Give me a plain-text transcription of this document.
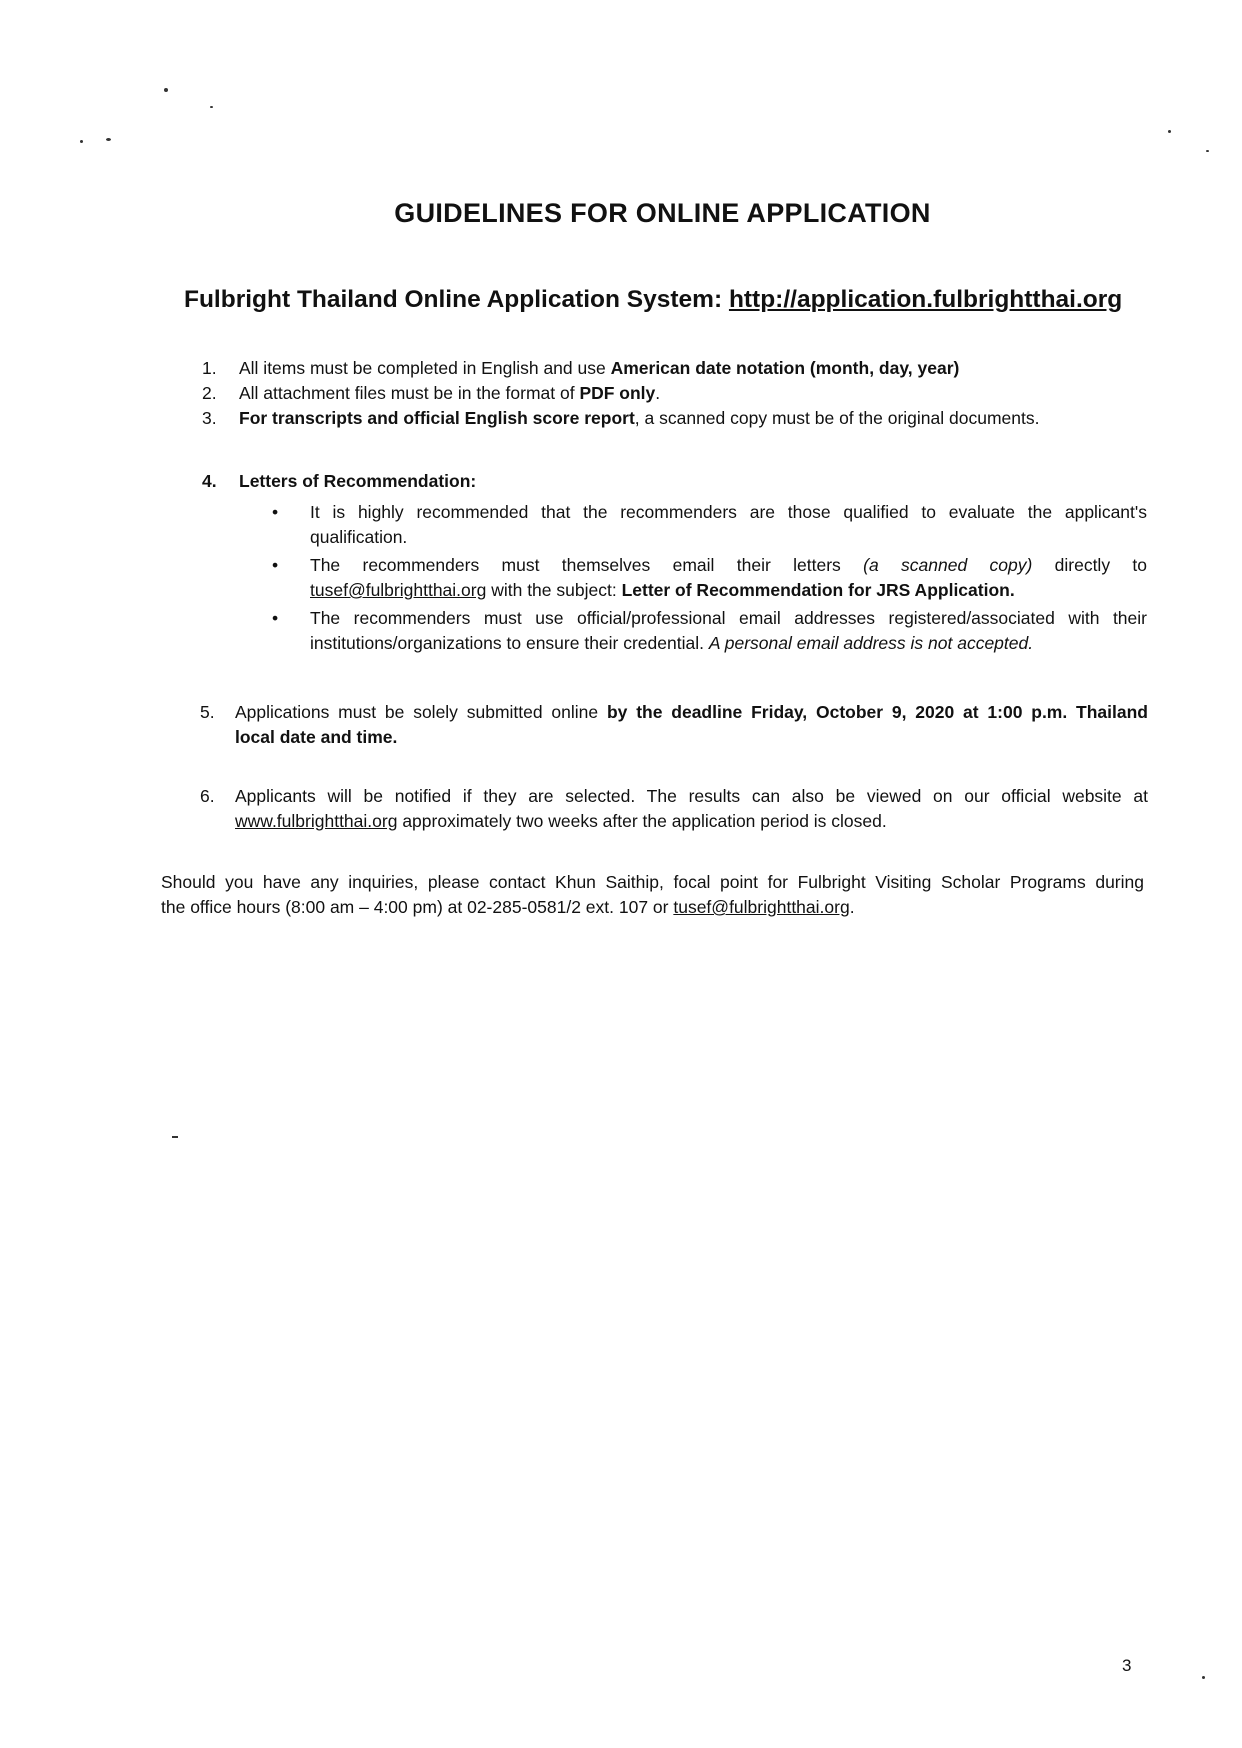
GUIDELINES FOR ONLINE APPLICATION
Fulbright Thailand Online Application System: http://application.fulbrightthai.org
1.	All items must be completed in English and use American date notation (month, day, year)
2.	All attachment files must be in the format of PDF only.
3.	For transcripts and official English score report, a scanned copy must be of the original documents.
4.	Letters of Recommendation:
• It is highly recommended that the recommenders are those qualified to evaluate the applicant's
qualification.
• The recommenders must themselves email their letters (a scanned copy) directly to
tusef@fulbrightthai.org with the subject: Letter of Recommendation for JRS Application.
• The recommenders must use official/professional email addresses registered/associated with their
institutions/organizations to ensure their credential. A personal email address is not accepted.
5.	Applications must be solely submitted online by the deadline Friday, October 9, 2020 at 1:00 p.m. Thailand
local date and time.
6.	Applicants will be notified if they are selected. The results can also be viewed on our official website at
www.fulbrightthai.org approximately two weeks after the application period is closed.
Should you have any inquiries, please contact Khun Saithip, focal point for Fulbright Visiting Scholar Programs during
the office hours (8:00 am – 4:00 pm) at 02-285-0581/2 ext. 107 or tusef@fulbrightthai.org.
3
